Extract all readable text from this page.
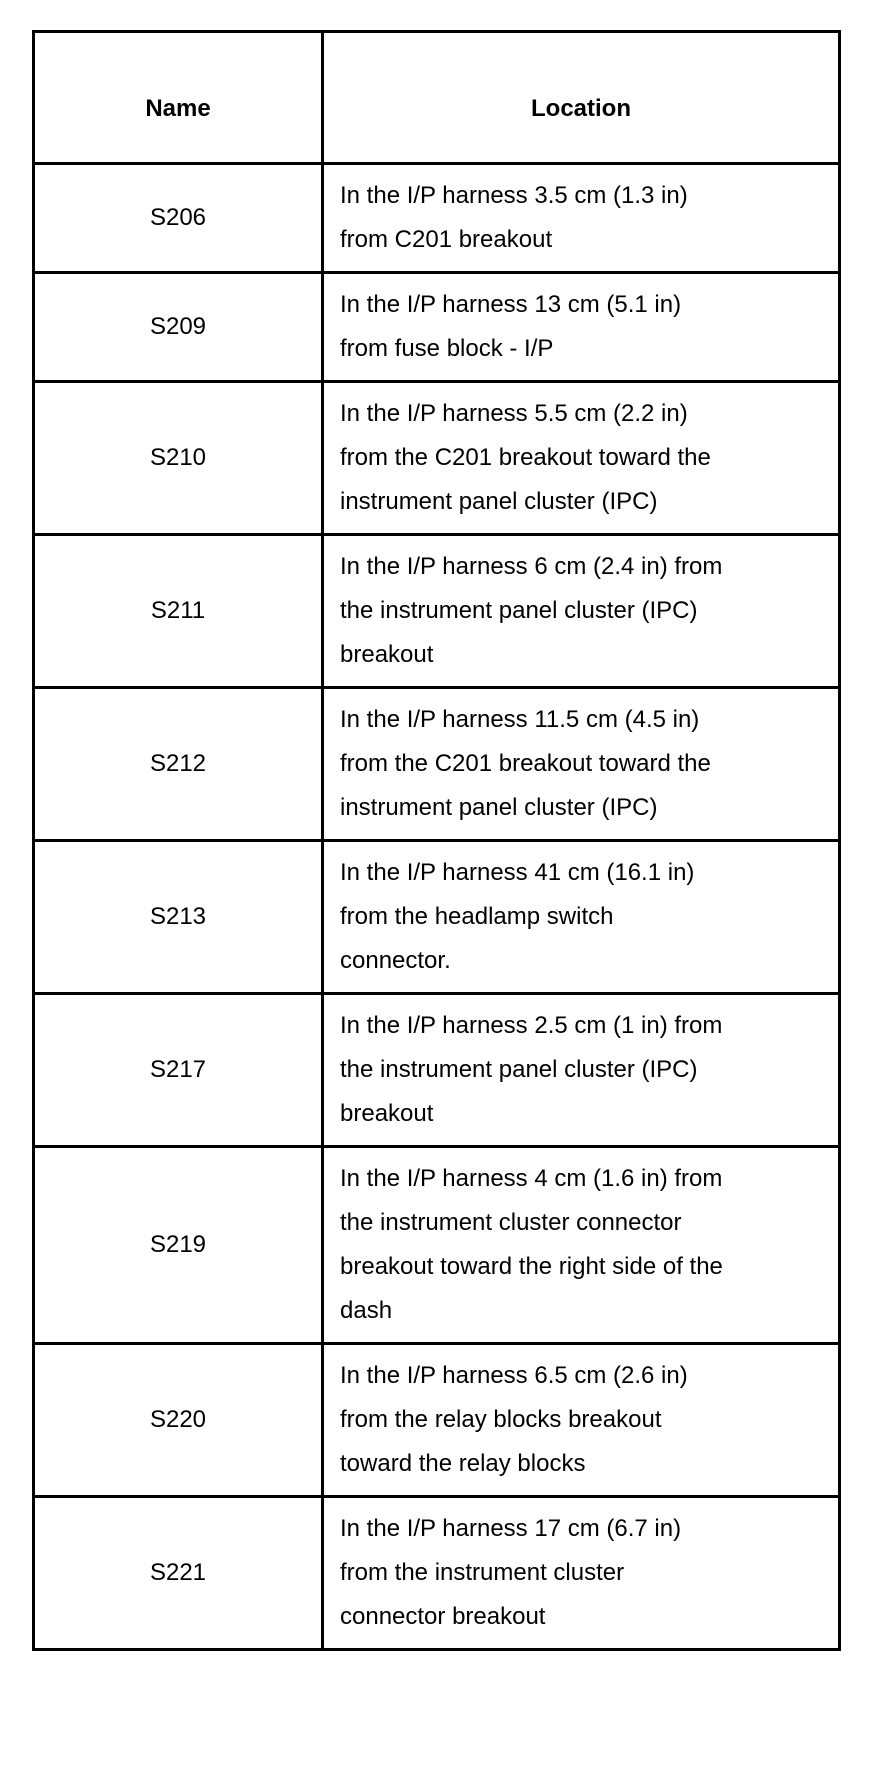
Name	Location
S206	In the I/P harness 3.5 cm (1.3 in)
from C201 breakout

S209	In the I/P harness 13 cm (5.1 in)
from fuse block - I/P

S210	In the I/P harness 5.5 cm (2.2 in)
from the C201 breakout toward the
instrument panel cluster (IPC)

S211	In the I/P harness 6 cm (2.4 in) from
the instrument panel cluster (IPC)
breakout

S212	In the I/P harness 11.5 cm (4.5 in)
from the C201 breakout toward the
instrument panel cluster (IPC)

S213	In the I/P harness 41 cm (16.1 in)
from the headlamp switch
connector.

S217	In the I/P harness 2.5 cm (1 in) from
the instrument panel cluster (IPC)
breakout

S219	In the I/P harness 4 cm (1.6 in) from
the instrument cluster connector
breakout toward the right side of the
dash

S220	In the I/P harness 6.5 cm (2.6 in)
from the relay blocks breakout
toward the relay blocks

S221	In the I/P harness 17 cm (6.7 in)
from the instrument cluster
connector breakout
